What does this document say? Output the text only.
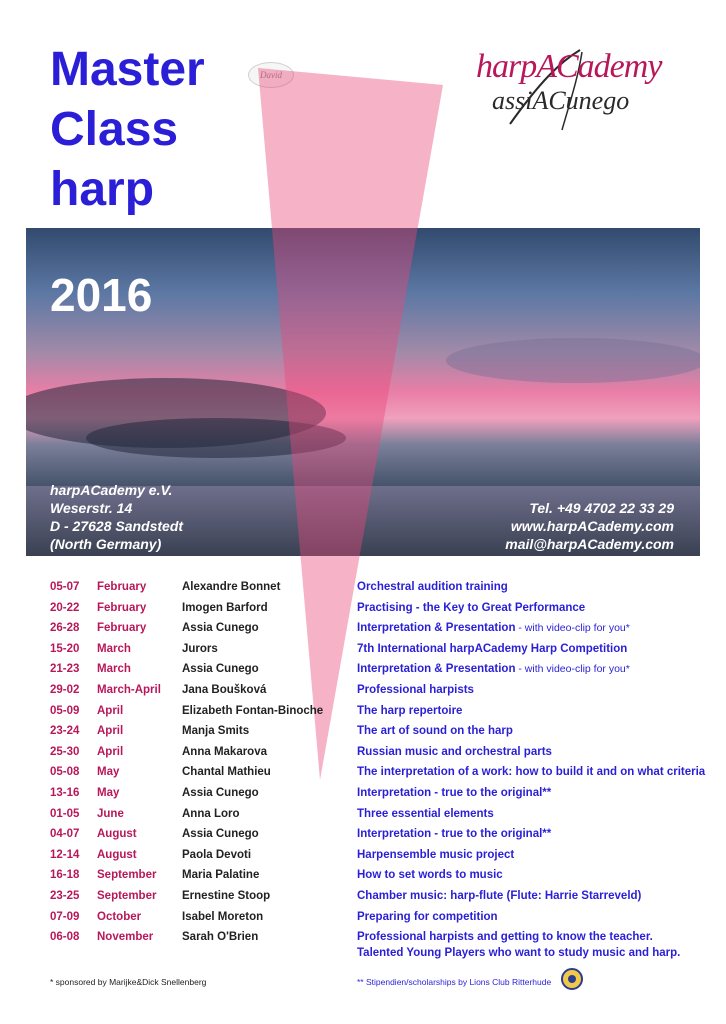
Master
Class
harp
David	harpACademy
assiACunego
2016
harpACademy e.V.
Weserstr. 14
D - 27628 Sandstedt
(North Germany)
Tel. +49 4702 22 33 29
www.harpACademy.com
mail@harpACademy.com
05-07 February	Alexandre Bonnet	Orchestral audition training
20-22 February	Imogen Barford	Practising - the Key to Great Performance
26-28 February	Assia Cunego	Interpretation & Presentation - with video-clip for you*
15-20 March	Jurors	7th International harpACademy Harp Competition
21-23 March	Assia Cunego	Interpretation & Presentation - with video-clip for you*
29-02 March-April Jana Boušková	Professional harpists
05-09 April	Elizabeth Fontan-Binoche	The harp repertoire
23-24 April	Manja Smits	The art of sound on the harp
25-30 April	Anna Makarova	Russian music and orchestral parts
05-08 May	Chantal Mathieu	The interpretation of a work: how to build it and on what criteria
13-16 May	Assia Cunego	Interpretation - true to the original**
01-05 June	Anna Loro	Three essential elements
04-07 August	Assia Cunego	Interpretation - true to the original**
12-14 August	Paola Devoti	Harpensemble music project
16-18 September Maria Palatine	How to set words to music
23-25 September Ernestine Stoop	Chamber music: harp-flute (Flute: Harrie Starreveld)
07-09 October	Isabel Moreton	Preparing for competition
06-08 November	Sarah O'Brien	Professional harpists and getting to know the teacher.
Talented Young Players who want to study music and harp.
* sponsored by Marijke&Dick Snellenberg	** Stipendien/scholarships by Lions Club Ritterhude
